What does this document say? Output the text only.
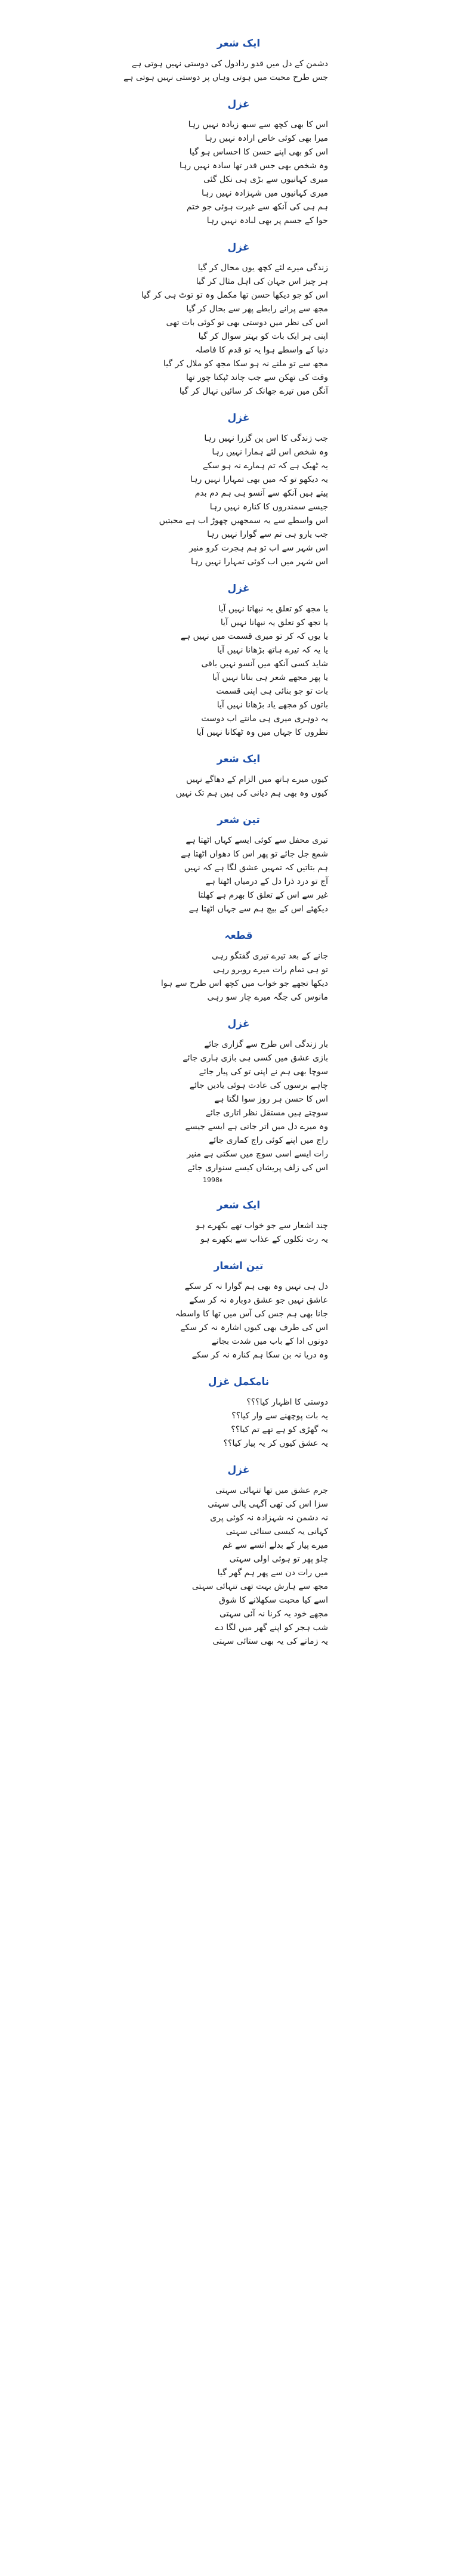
ایک شعر
دشمن کے دل میں قدو ردادول کی دوستی نہیں ہوتی ہے
جس طرح محبت میں ہوتی وہاں پر دوستی نہیں ہوتی ہے
غزل
اس کا بھی کچھ سے سبھ زیادہ نہیں رہا
میرا بھی کوئی خاص ارادہ نہیں رہا
اس کو بھی اپنے حسن کا احساس ہو گیا
وہ شخص بھی جس قدر تھا سادہ نہیں رہا
میری کہانیوں سے بڑی ہی نکل گئی
میری کہانیوں میں شہزادہ نہیں رہا
ہم ہی کی آنکھ سے غیرت ہوئی جو ختم
حوا کے جسم پر بھی لبادہ نہیں رہا
غزل
زندگی میرے لئے کچھ یوں محال کر گیا
ہر چیز اس جہان کی اہل مثال کر گیا
اس کو جو دیکھا حسن تھا مکمل وہ تو توٹ ہی کر گیا
مجھ سے پرانے رابطے پھر سے بحال کر گیا
اس کی نظر میں دوستی بھی تو کوئی بات تھی
اپنی ہر ایک بات کو بہتر سوال کر گیا
دنیا کے واسطے ہوا یہ تو قدم کا فاصلہ
مجھ سے تو ملنے نہ ہو سکا مجھ کو ملال کر گیا
وقت کی تھکن سے جب چاند ٹپکتا چور تھا
آنگن میں تیرے جھانک کر سائیں نہال کر گیا
غزل
جب زندگی کا اس پن گزرا نہیں رہا
وہ شخص اس لئے ہمارا نہیں رہا
یہ ٹھیک ہے کہ تم ہمارے نہ ہو سکے
یہ دیکھو تو کہ میں بھی تمہارا نہیں رہا
پیتے ہیں آنکھ سے آنسو ہی ہم دم بدم
جیسے سمندروں کا کنارہ نہیں رہا
اس واسطے سے یہ سمجھیں چھوڑ اب ہے محبتیں
جب یارو ہی تم سے گوارا نہیں رہا
اس شہر سے اب تو ہم ہجرت کرو منیر
اس شہر میں اب کوئی تمہارا نہیں رہا
غزل
یا مجھ کو تعلق یہ نبھاتا نہیں آیا
یا تجھ کو تعلق یہ نبھانا نہیں آیا
یا یوں کہ کر تو میری قسمت میں نہیں ہے
یا یہ کہ تیرے ہاتھ بڑھانا نہیں آیا
شاید کسی آنکھ میں آنسو نہیں باقی
یا پھر مجھے شعر ہی بنانا نہیں آیا
بات تو جو بنائی ہی اپنی قسمت
باتوں کو مجھے یاد بڑھانا نہیں آیا
یہ دوہری میری ہی مانتے اب دوست
نظروں کا جہاں میں وہ ٹھکانا نہیں آیا
ایک شعر
کیوں میرے ہاتھ میں الزام کے دھاگے نہیں
کیوں وہ بھی ہم دیانی کی ہیں ہم تک نہیں
تین شعر
تیری محفل سے کوئی ایسے کہاں اٹھتا ہے
شمع جل جائے تو پھر اس کا دھواں اٹھتا ہے
ہم بتاتیں کہ تمہیں عشق لگا ہے کہ نہیں
آج تو درد ذرا دل کے درمیاں اٹھتا ہے
غیر سے اس کے تعلق کا بھرم ہے کھلتا
دیکھئے اس کے بیچ ہم سے جہاں اٹھتا ہے
قطعہ
جانے کے بعد تیرے تیری گفتگو رہی
تو ہی تمام رات میرے روبرو رہی
دیکھا تجھے جو خواب میں کچھ اس طرح سے ہوا
مانوس کی جگہ میرے چار سو رہی
غزل
بار زندگی اس طرح سے گزاری جائے
بازی عشق میں کسی ہی بازی ہاری جائے
سوچا بھی ہم نے اپنی تو کی پیار جائے
چاہے برسوں کی عادت ہوئی یادیں جائے
اس کا حسن ہر روز سوا لگتا ہے
سوچتے ہیں مستقل نظر اتاری جائے
وہ میرے دل میں اتر جاتی ہے ایسے جیسے
راج میں اپنے کوئی راج کماری جائے
رات ایسے اسی سوچ میں سکتی ہے منیر
اس کی زلف پریشاں کیسے سنواری جائے
1998ء
ایک شعر
چند اشعار سے جو خواب تھے بکھرے ہو
یہ رت نکلوں کے عذاب سے بکھرے ہو
تین اشعار
دل ہی نہیں وہ بھی ہم گوارا نہ کر سکے
عاشق نہیں جو عشق دوبارہ نہ کر سکے
جانا بھی ہم جس کی آس میں تھا کا واسطہ
اس کی طرف بھی کیوں اشارہ نہ کر سکے
دونوں ادا کے باب میں شدت بجانے
وہ دریا نہ بن سکا ہم کنارہ نہ کر سکے
نامکمل غزل
دوستی کا اظہار کیا؟؟؟
یہ بات پوچھنے سے وار کیا؟؟
یہ گھڑی کو ہے تھے تم کیا؟؟
یہ عشق کیوں کر یہ پیار کیا؟؟
غزل
جرم عشق میں تھا تنہائی سہتی
سزا اس کی تھی آگہی پالی سہتی
نہ دشمن نہ شہزادہ نہ کوئی پری
کہانی یہ کیسی سنائی سہتی
میرے پیار کے بدلے انسے سے غم
چلو پھر تو ہوئی اولی سہتی
میں رات دن سے پھر ہم گھر گیا
مجھ سے ہارش بہت تھی تنہائی سہتی
اسے کیا محبت سکھلانے کا شوق
مجھے خود یہ کرنا نہ آئی سہتی
شب ہجر کو اپنے گھر میں لگا دے
یہ زمانے کی یہ بھی ستائی سہتی
